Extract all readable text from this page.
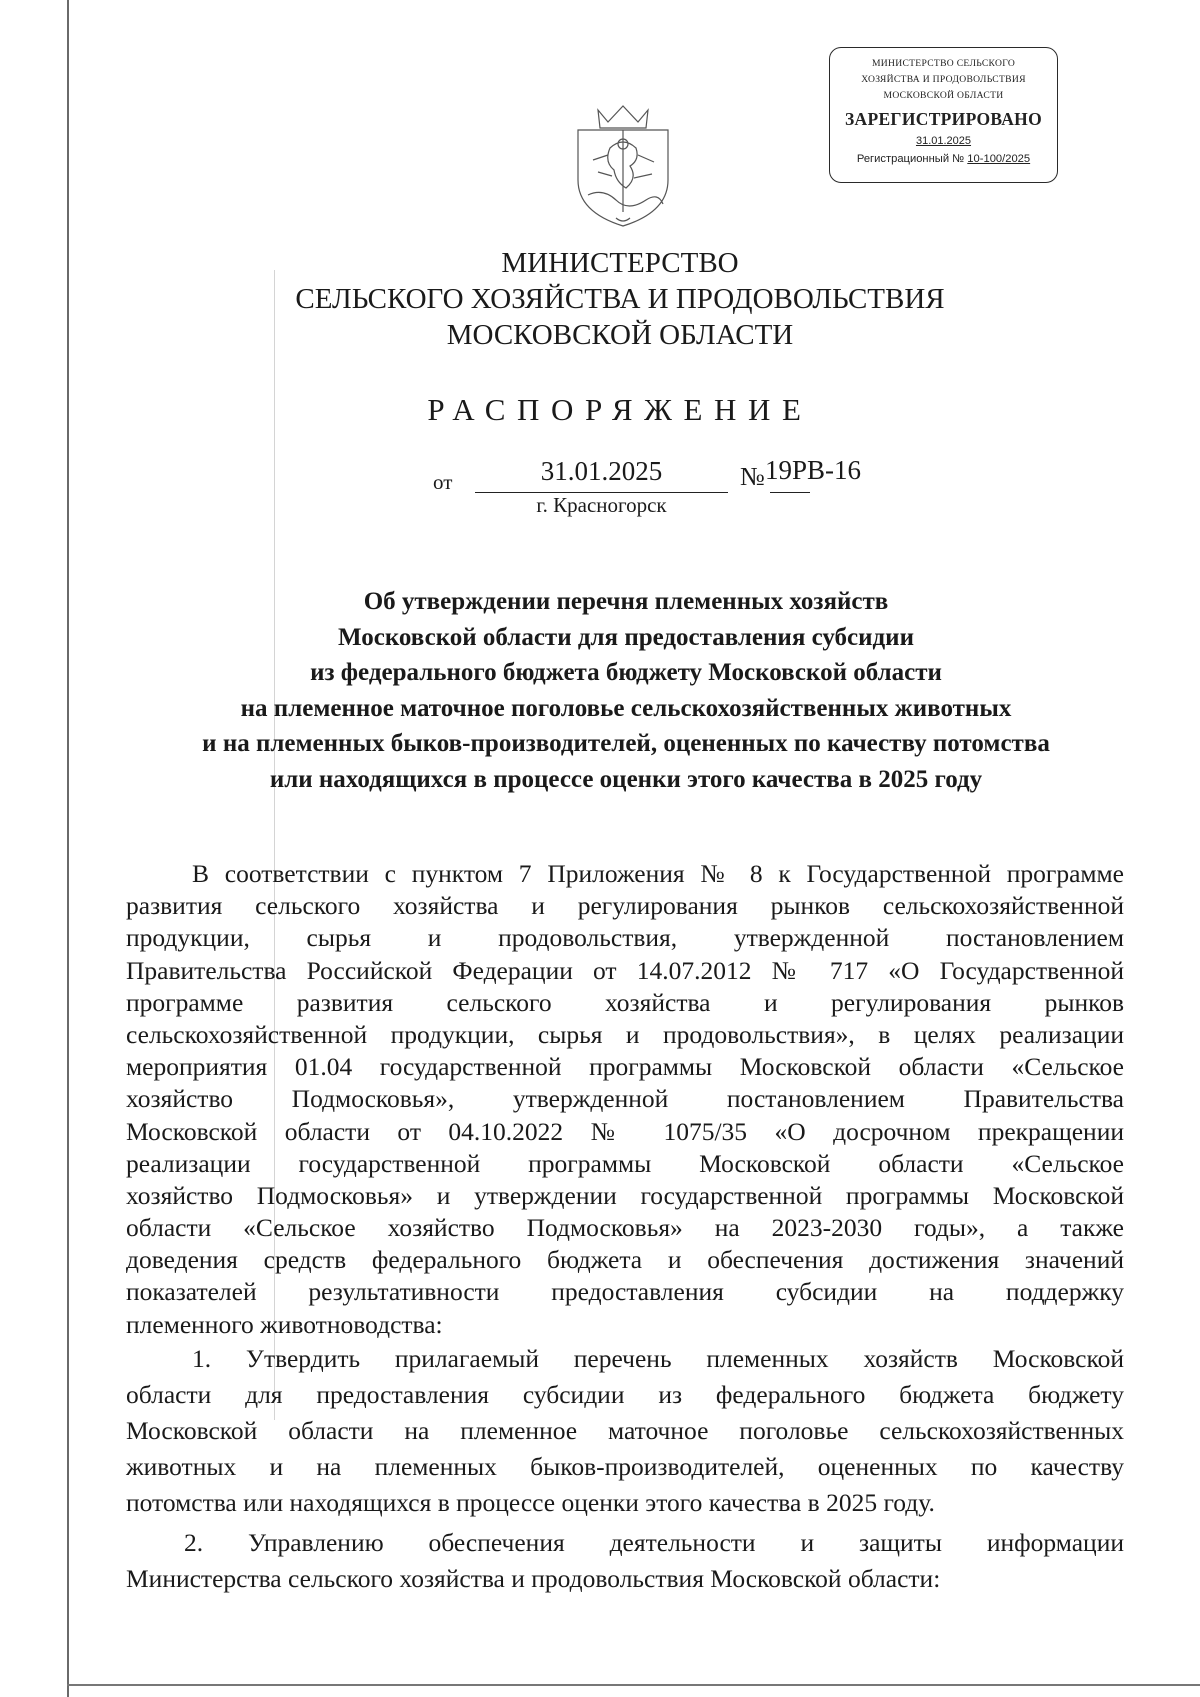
МИНИСТЕРСТВО СЕЛЬСКОГО
ХОЗЯЙСТВА И ПРОДОВОЛЬСТВИЯ
МОСКОВСКОЙ ОБЛАСТИ
ЗАРЕГИСТРИРОВАНО
31.01.2025
Регистрационный № 10-100/2025
МИНИСТЕРСТВО
СЕЛЬСКОГО ХОЗЯЙСТВА И ПРОДОВОЛЬСТВИЯ
МОСКОВСКОЙ ОБЛАСТИ
РАСПОРЯЖЕНИЕ
от	31.01.2025	№ 19РВ-16
г. Красногорск
Об утверждении перечня племенных хозяйств
Московской области для предоставления субсидии
из федерального бюджета бюджету Московской области
на племенное маточное поголовье сельскохозяйственных животных
и на племенных быков-производителей, оцененных по качеству потомства
или находящихся в процессе оценки этого качества в 2025 году
В соответствии с пунктом 7 Приложения № 8 к Государственной программе
развития сельского хозяйства и регулирования рынков сельскохозяйственной
продукции, сырья и продовольствия, утвержденной постановлением
Правительства Российской Федерации от 14.07.2012 № 717 «О Государственной
программе развития сельского хозяйства и регулирования рынков
сельскохозяйственной продукции, сырья и продовольствия», в целях реализации
мероприятия 01.04 государственной программы Московской области «Сельское
хозяйство Подмосковья», утвержденной постановлением Правительства
Московской области от 04.10.2022 № 1075/35 «О досрочном прекращении
реализации государственной программы Московской области «Сельское
хозяйство Подмосковья» и утверждении государственной программы Московской
области «Сельское хозяйство Подмосковья» на 2023-2030 годы», а также
доведения средств федерального бюджета и обеспечения достижения значений
показателей результативности предоставления субсидии на поддержку
племенного животноводства:
1. Утвердить прилагаемый перечень племенных хозяйств Московской
области для предоставления субсидии из федерального бюджета бюджету
Московской области на племенное маточное поголовье сельскохозяйственных
животных и на племенных быков-производителей, оцененных по качеству
потомства или находящихся в процессе оценки этого качества в 2025 году.
2. Управлению обеспечения деятельности и защиты информации
Министерства сельского хозяйства и продовольствия Московской области:
